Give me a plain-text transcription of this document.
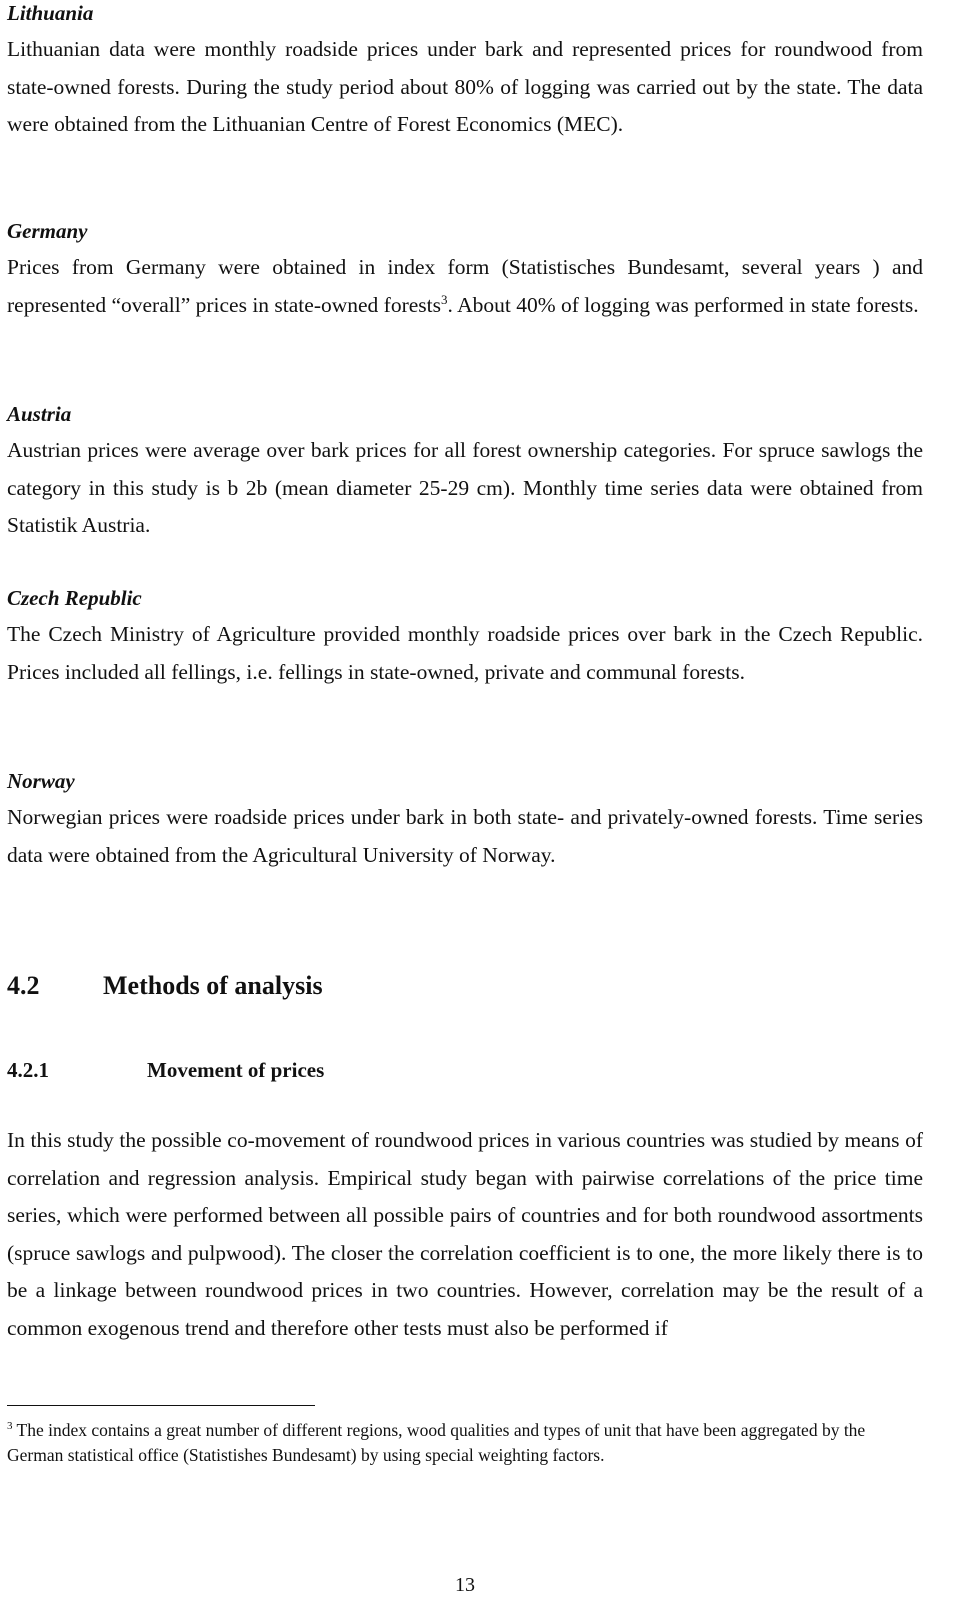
Lithuania

Lithuanian data were monthly roadside prices under bark and represented prices for roundwood from state-owned forests. During the study period about 80% of logging was carried out by the state. The data were obtained from the Lithuanian Centre of Forest Economics (MEC).

Germany

Prices from Germany were obtained in index form (Statistisches Bundesamt, several years ) and represented “overall” prices in state-owned forests$^3$. About 40% of logging was performed in state forests.

Austria

Austrian prices were average over bark prices for all forest ownership categories. For spruce sawlogs the category in this study is b 2b (mean diameter 25-29 cm). Monthly time series data were obtained from Statistik Austria.

Czech Republic

The Czech Ministry of Agriculture provided monthly roadside prices over bark in the Czech Republic. Prices included all fellings, i.e. fellings in state-owned, private and communal forests.

Norway

Norwegian prices were roadside prices under bark in both state- and privately-owned forests. Time series data were obtained from the Agricultural University of Norway.

4.2 Methods of analysis
4.2.1	Movement of prices

In this study the possible co-movement of roundwood prices in various countries was studied by means of correlation and regression analysis. Empirical study began with pairwise correlations of the price time series, which were performed between all possible pairs of countries and for both roundwood assortments (spruce sawlogs and pulpwood). The closer the correlation coefficient is to one, the more likely there is to be a linkage between roundwood prices in two countries. However, correlation may be the result of a common exogenous trend and therefore other tests must also be performed if

$^3$ The index contains a great number of different regions, wood qualities and types of unit that have been aggregated by the German statistical office (Statistishes Bundesamt) by using special weighting factors.
13
